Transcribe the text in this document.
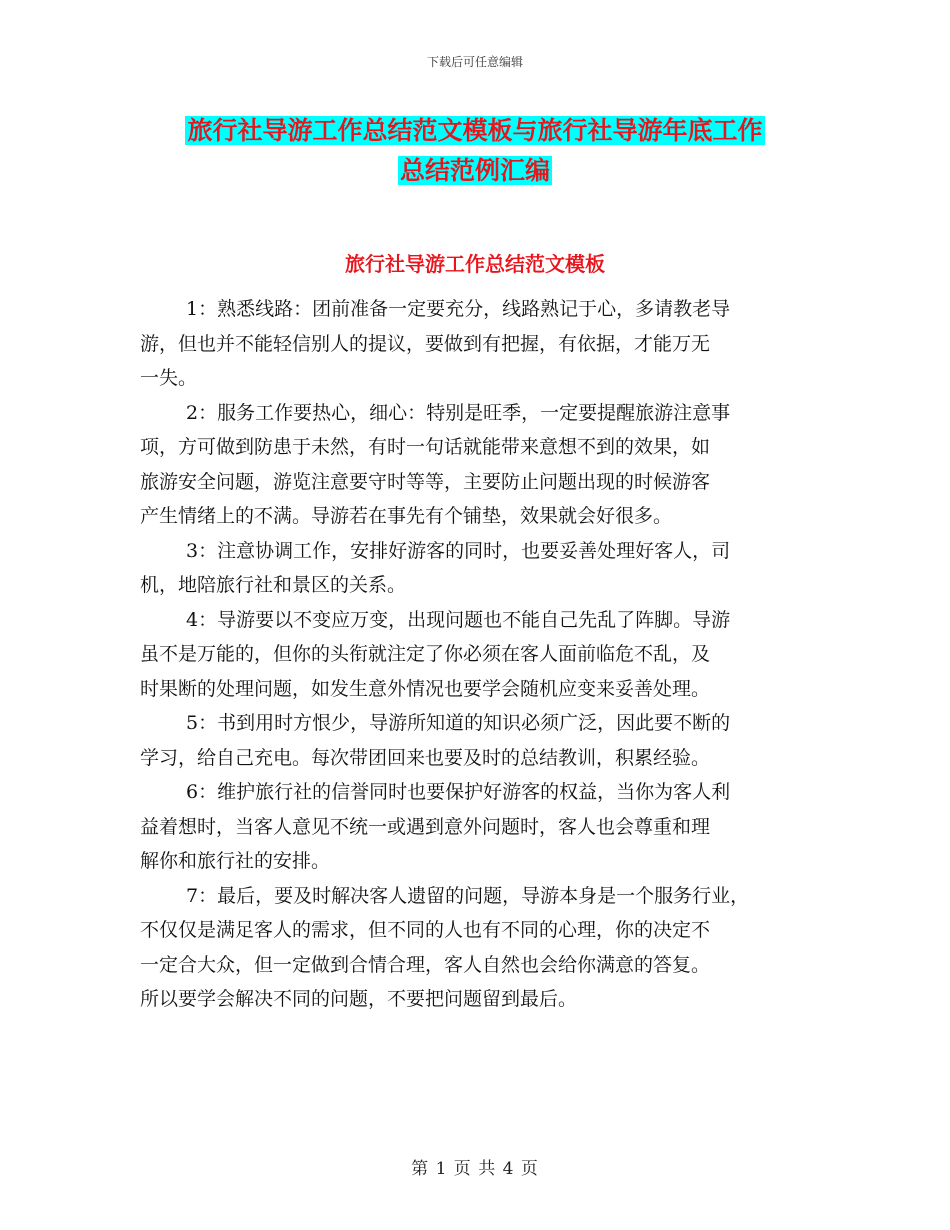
下载后可任意编辑
旅行社导游工作总结范文模板与旅行社导游年底工作
总结范例汇编
旅行社导游工作总结范文模板
1：熟悉线路：团前准备一定要充分，线路熟记于心，多请教老导
游，但也并不能轻信别人的提议，要做到有把握，有依据，才能万无
一失。
2：服务工作要热心，细心：特别是旺季，一定要提醒旅游注意事
项，方可做到防患于未然，有时一句话就能带来意想不到的效果，如
旅游安全问题，游览注意要守时等等，主要防止问题出现的时候游客
产生情绪上的不满。导游若在事先有个铺垫，效果就会好很多。
3：注意协调工作，安排好游客的同时，也要妥善处理好客人，司
机，地陪旅行社和景区的关系。
4：导游要以不变应万变，出现问题也不能自己先乱了阵脚。导游
虽不是万能的，但你的头衔就注定了你必须在客人面前临危不乱，及
时果断的处理问题，如发生意外情况也要学会随机应变来妥善处理。
5：书到用时方恨少，导游所知道的知识必须广泛，因此要不断的
学习，给自己充电。每次带团回来也要及时的总结教训，积累经验。
6：维护旅行社的信誉同时也要保护好游客的权益，当你为客人利
益着想时，当客人意见不统一或遇到意外问题时，客人也会尊重和理
解你和旅行社的安排。
7：最后，要及时解决客人遗留的问题，导游本身是一个服务行业，
不仅仅是满足客人的需求，但不同的人也有不同的心理，你的决定不
一定合大众，但一定做到合情合理，客人自然也会给你满意的答复。
所以要学会解决不同的问题，不要把问题留到最后。
第 1 页 共 4 页
